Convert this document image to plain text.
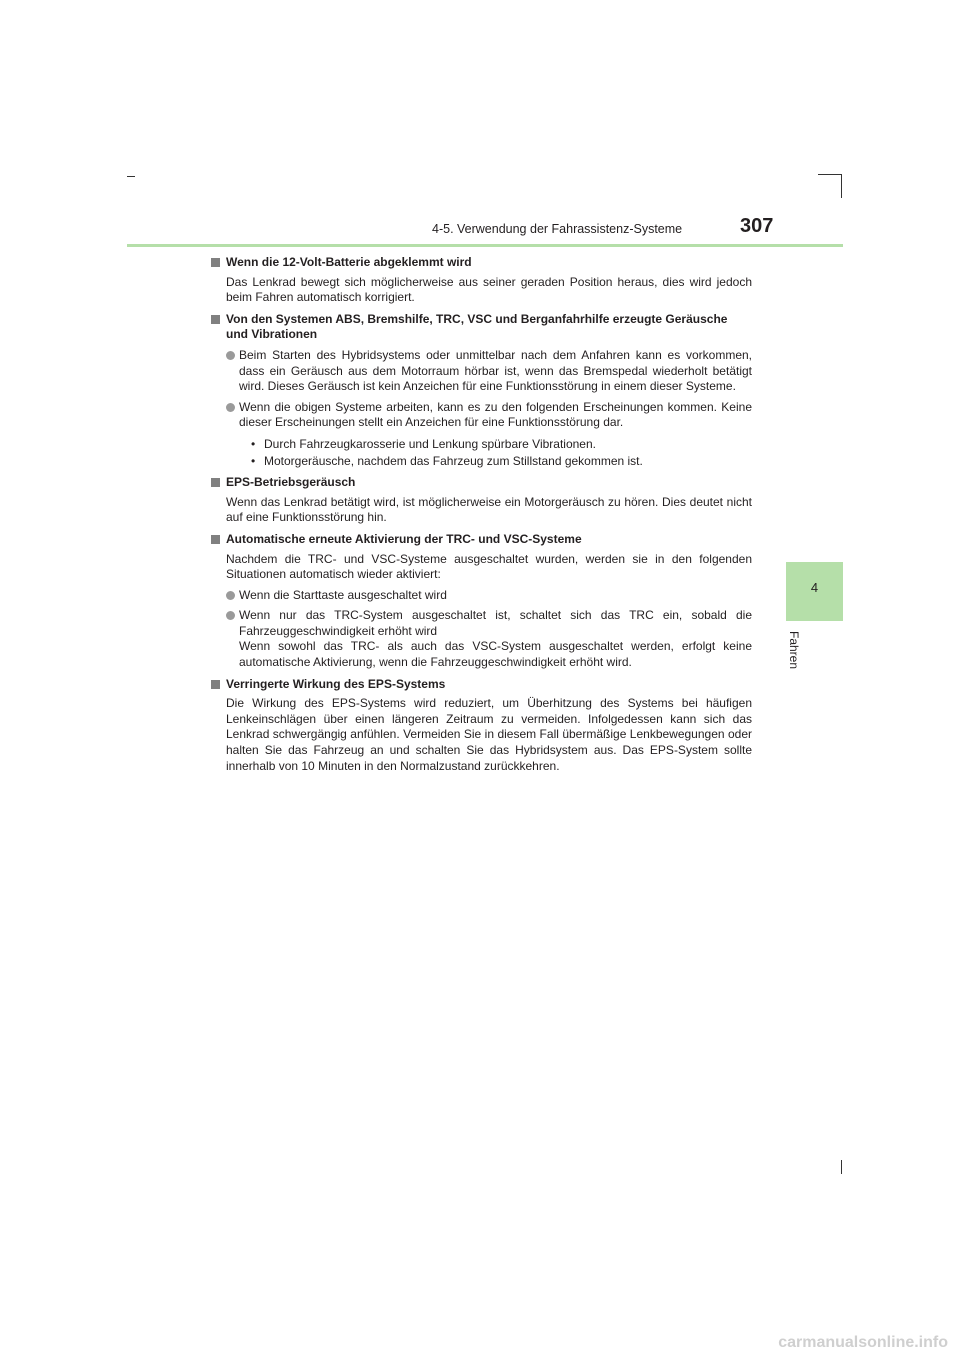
4-5. Verwendung der Fahrassistenz-Systeme	307
4
Fahren
Wenn die 12-Volt-Batterie abgeklemmt wird
Das Lenkrad bewegt sich möglicherweise aus seiner geraden Position heraus, dies wird jedoch beim Fahren automatisch korrigiert.
Von den Systemen ABS, Bremshilfe, TRC, VSC und Berganfahrhilfe erzeugte Geräusche und Vibrationen
Beim Starten des Hybridsystems oder unmittelbar nach dem Anfahren kann es vorkommen, dass ein Geräusch aus dem Motorraum hörbar ist, wenn das Bremspedal wiederholt betätigt wird. Dieses Geräusch ist kein Anzeichen für eine Funktionsstörung in einem dieser Systeme.
Wenn die obigen Systeme arbeiten, kann es zu den folgenden Erscheinungen kommen. Keine dieser Erscheinungen stellt ein Anzeichen für eine Funktionsstörung dar.
• Durch Fahrzeugkarosserie und Lenkung spürbare Vibrationen.
• Motorgeräusche, nachdem das Fahrzeug zum Stillstand gekommen ist.
EPS-Betriebsgeräusch
Wenn das Lenkrad betätigt wird, ist möglicherweise ein Motorgeräusch zu hören. Dies deutet nicht auf eine Funktionsstörung hin.
Automatische erneute Aktivierung der TRC- und VSC-Systeme
Nachdem die TRC- und VSC-Systeme ausgeschaltet wurden, werden sie in den folgenden Situationen automatisch wieder aktiviert:
Wenn die Starttaste ausgeschaltet wird
Wenn nur das TRC-System ausgeschaltet ist, schaltet sich das TRC ein, sobald die Fahrzeuggeschwindigkeit erhöht wird
Wenn sowohl das TRC- als auch das VSC-System ausgeschaltet werden, erfolgt keine automatische Aktivierung, wenn die Fahrzeuggeschwindigkeit erhöht wird.
Verringerte Wirkung des EPS-Systems
Die Wirkung des EPS-Systems wird reduziert, um Überhitzung des Systems bei häufigen Lenkeinschlägen über einen längeren Zeitraum zu vermeiden. Infolgedessen kann sich das Lenkrad schwergängig anfühlen. Vermeiden Sie in diesem Fall übermäßige Lenkbewegungen oder halten Sie das Fahrzeug an und schalten Sie das Hybridsystem aus. Das EPS-System sollte innerhalb von 10 Minuten in den Normalzustand zurückkehren.
carmanualsonline.info
